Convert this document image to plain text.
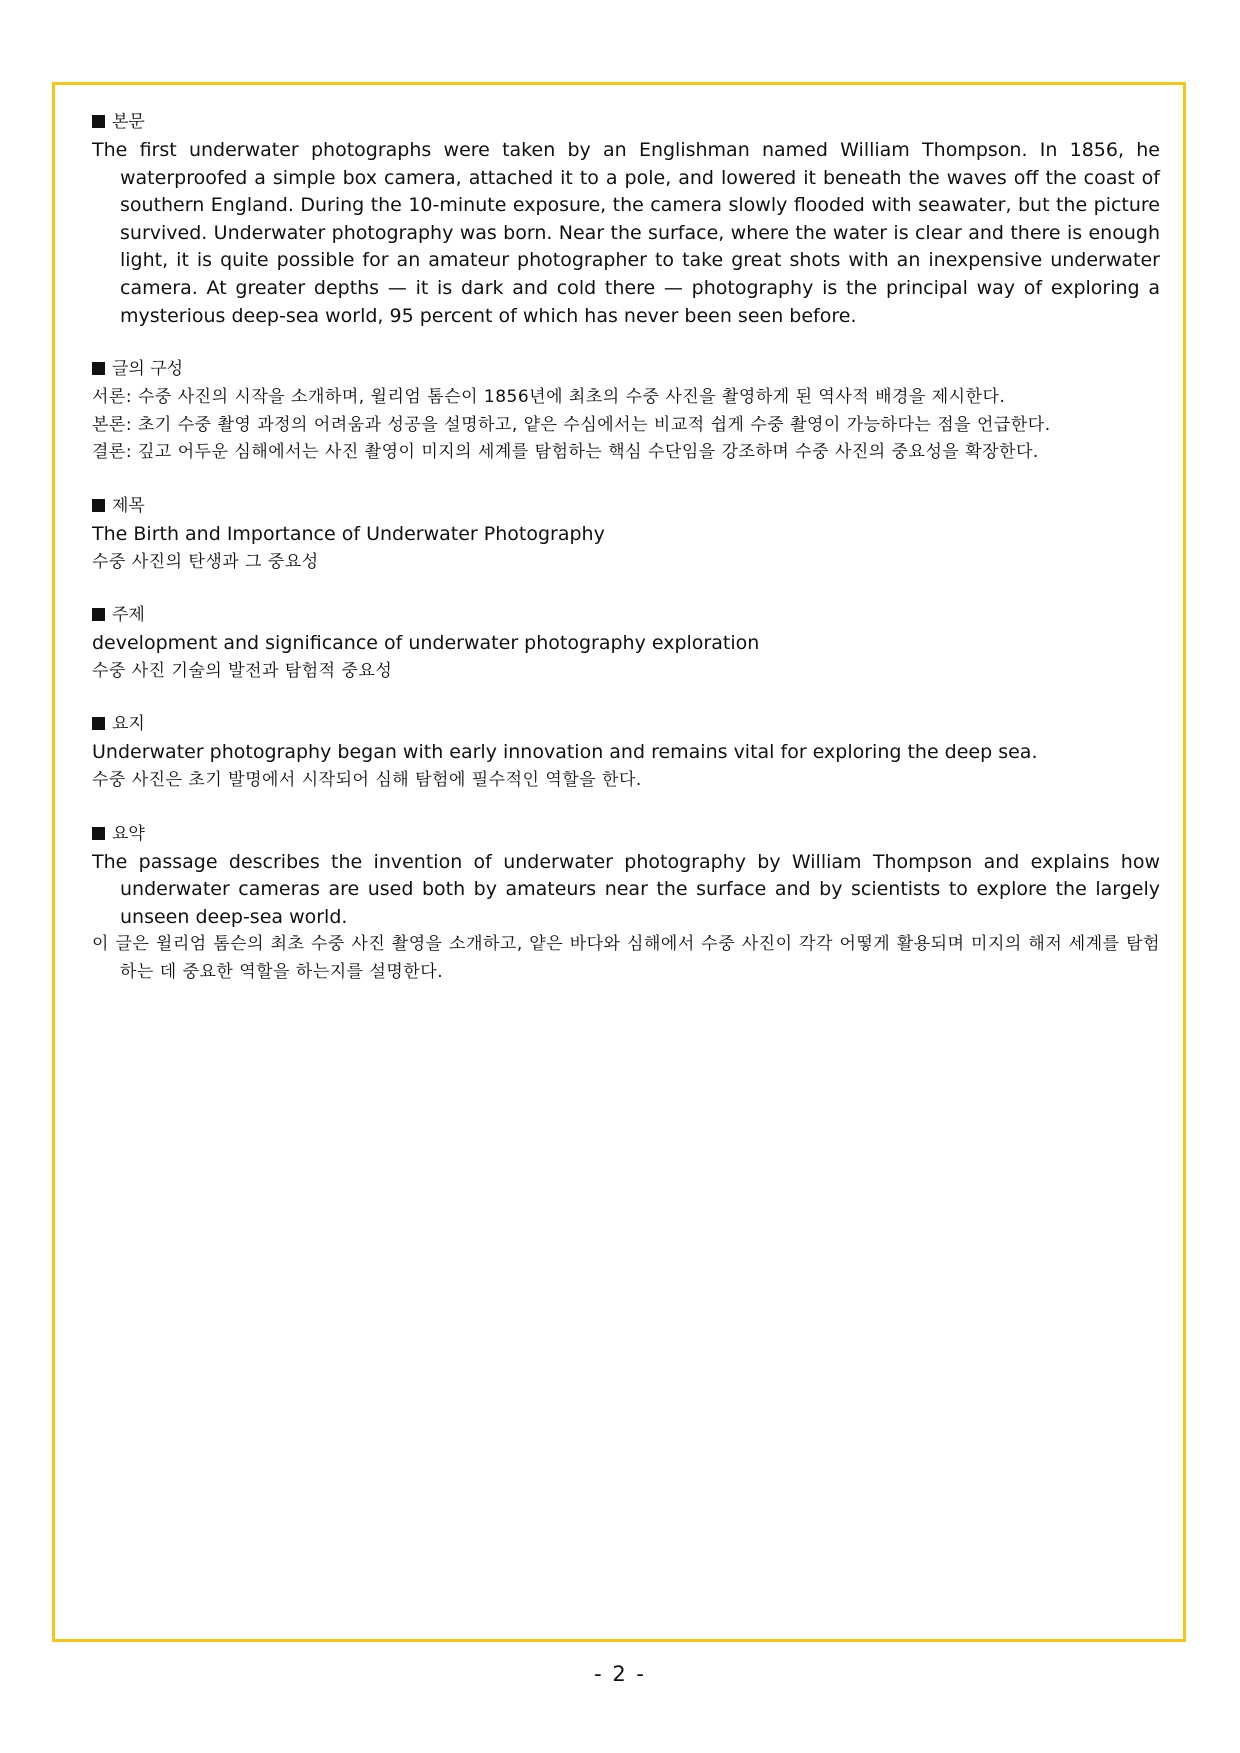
본문
The first underwater photographs were taken by an Englishman named William Thompson. In 1856, he waterproofed a simple box camera, attached it to a pole, and lowered it beneath the waves off the coast of southern England. During the 10-minute exposure, the camera slowly flooded with seawater, but the picture survived. Underwater photography was born. Near the surface, where the water is clear and there is enough light, it is quite possible for an amateur photographer to take great shots with an inexpensive underwater camera. At greater depths — it is dark and cold there — photography is the principal way of exploring a mysterious deep-sea world, 95 percent of which has never been seen before.
글의 구성
서론: 수중 사진의 시작을 소개하며, 윌리엄 톰슨이 1856년에 최초의 수중 사진을 촬영하게 된 역사적 배경을 제시한다.
본론: 초기 수중 촬영 과정의 어려움과 성공을 설명하고, 얕은 수심에서는 비교적 쉽게 수중 촬영이 가능하다는 점을 언급한다.
결론: 깊고 어두운 심해에서는 사진 촬영이 미지의 세계를 탐험하는 핵심 수단임을 강조하며 수중 사진의 중요성을 확장한다.
제목
The Birth and Importance of Underwater Photography
수중 사진의 탄생과 그 중요성
주제
development and significance of underwater photography exploration
수중 사진 기술의 발전과 탐험적 중요성
요지
Underwater photography began with early innovation and remains vital for exploring the deep sea.
수중 사진은 초기 발명에서 시작되어 심해 탐험에 필수적인 역할을 한다.
요약
The passage describes the invention of underwater photography by William Thompson and explains how underwater cameras are used both by amateurs near the surface and by scientists to explore the largely unseen deep-sea world.
이 글은 윌리엄 톰슨의 최초 수중 사진 촬영을 소개하고, 얕은 바다와 심해에서 수중 사진이 각각 어떻게 활용되며 미지의 해저 세계를 탐험하는 데 중요한 역할을 하는지를 설명한다.
- 2 -
